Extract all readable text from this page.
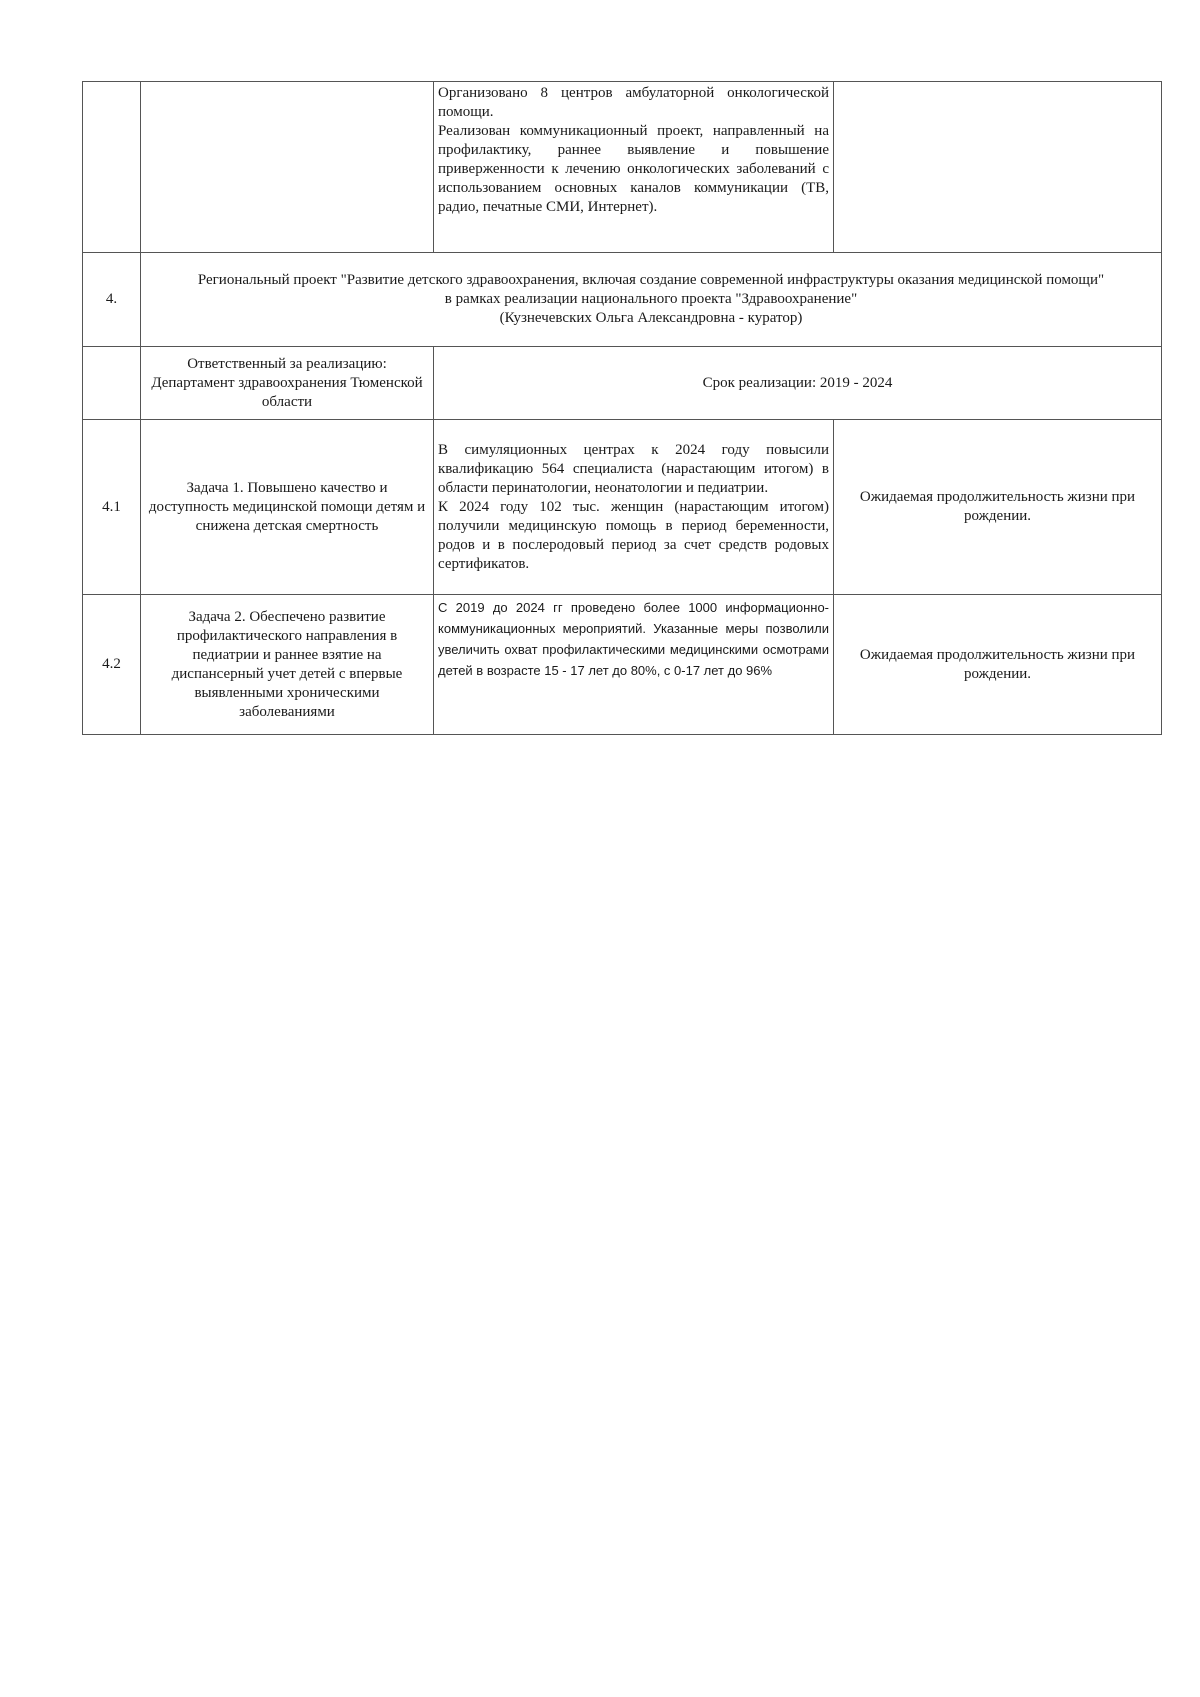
		Организовано 8 центров амбулаторной онкологической помощи.
Реализован коммуникационный проект, направленный на профилактику, раннее выявление и повышение приверженности к лечению онкологических заболеваний с использованием основных каналов коммуникации (ТВ, радио, печатные СМИ, Интернет).	

4.	Региональный проект "Развитие детского здравоохранения, включая создание современной инфраструктуры оказания медицинской помощи"
в рамках реализации национального проекта "Здравоохранение"
(Кузнечевских Ольга Александровна - куратор)		

	Ответственный за реализацию: Департамент здравоохранения Тюменской области	Срок реализации: 2019 - 2024	
4.1	Задача 1. Повышено качество и доступность медицинской помощи детям и снижена детская смертность	В симуляционных центрах к 2024 году повысили квалификацию 564 специалиста (нарастающим итогом) в области перинатологии, неонатологии и педиатрии.
К 2024 году 102 тыс. женщин (нарастающим итогом) получили медицинскую помощь в период беременности, родов и в послеродовый период за счет средств родовых сертификатов.	Ожидаемая продолжительность жизни при рождении.
4.2	Задача 2. Обеспечено развитие профилактического направления в педиатрии и раннее взятие на диспансерный учет детей с впервые выявленными хроническими заболеваниями	С 2019 до 2024 гг проведено более 1000 информационно-коммуникационных мероприятий. Указанные меры позволили увеличить охват профилактическими медицинскими осмотрами детей в возрасте 15 - 17 лет до 80%, с 0-17 лет до 96%	Ожидаемая продолжительность жизни при рождении.
